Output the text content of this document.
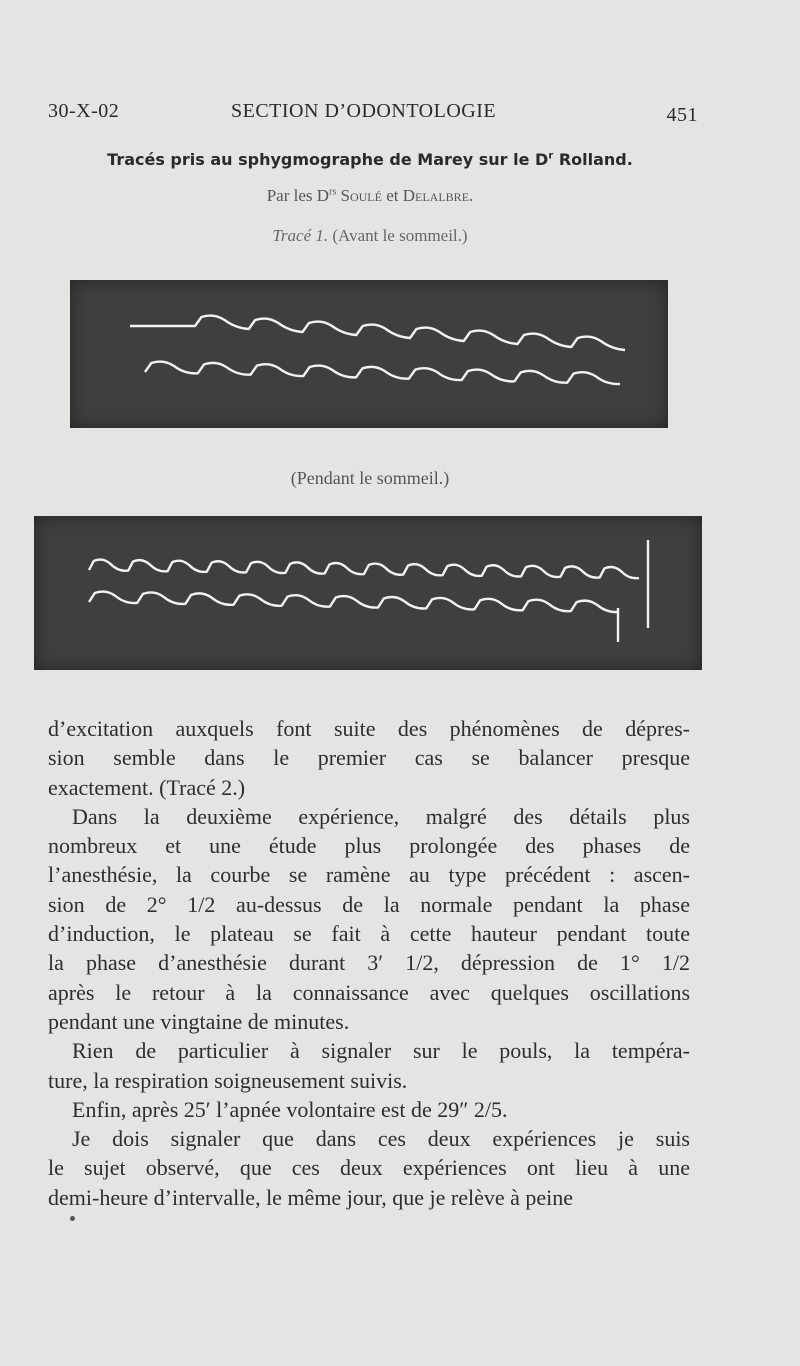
30-X-02	SECTION D’ODONTOLOGIE	451
Tracés pris au sphygmographe de Marey sur le $D^r$ Rolland.
Par les $D^{rs}$ Soulé et Delalbre.
Tracé 1. (Avant le sommeil.)
(Pendant le sommeil.)

d’excitation auxquels font suite des phénomènes de dépres-

sion semble dans le premier cas se balancer presque

exactement. (Tracé 2.)

Dans la deuxième expérience, malgré des détails plus

nombreux et une étude plus prolongée des phases de

l’anesthésie, la courbe se ramène au type précédent : ascen-

sion de 2° 1/2 au-dessus de la normale pendant la phase

d’induction, le plateau se fait à cette hauteur pendant toute

la phase d’anesthésie durant 3′ 1/2, dépression de 1° 1/2

après le retour à la connaissance avec quelques oscillations

pendant une vingtaine de minutes.

Rien de particulier à signaler sur le pouls, la tempéra-

ture, la respiration soigneusement suivis.

Enfin, après 25′ l’apnée volontaire est de 29″ 2/5.

Je dois signaler que dans ces deux expériences je suis

le sujet observé, que ces deux expériences ont lieu à une

demi-heure d’intervalle, le même jour, que je relève à peine
